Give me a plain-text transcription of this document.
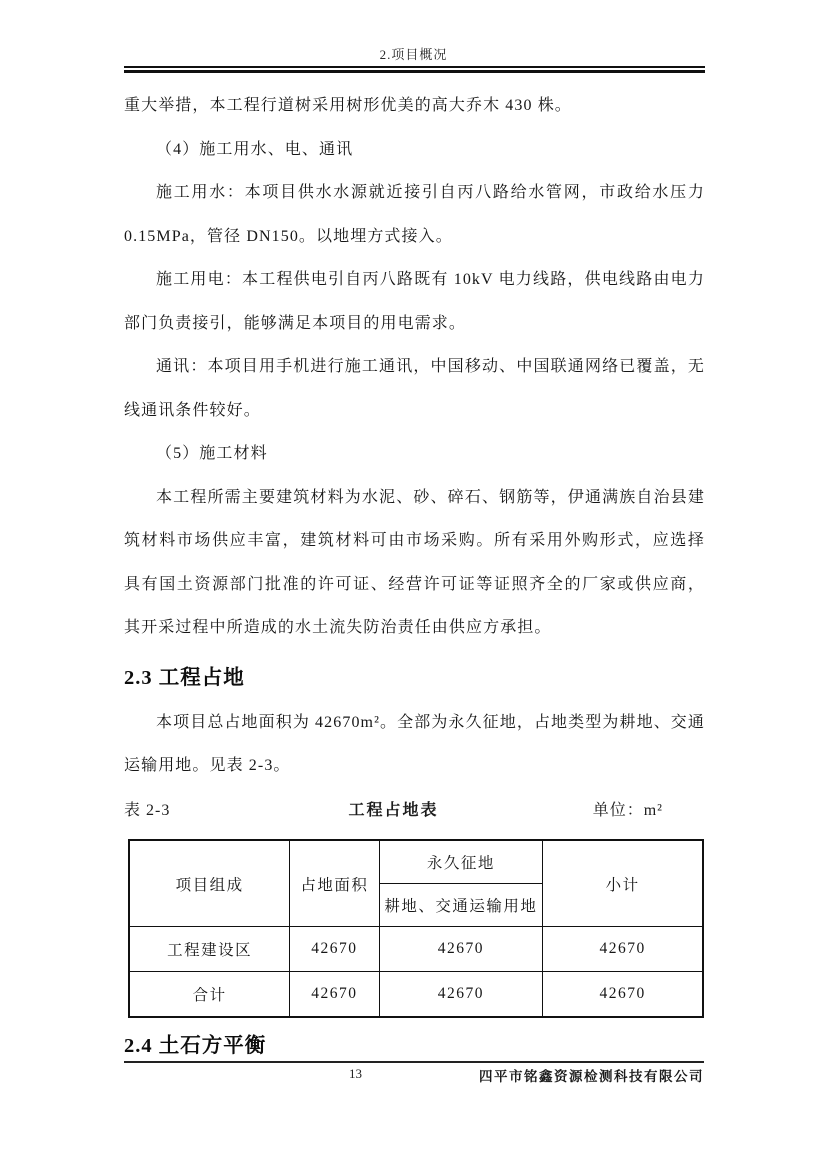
2.项目概况

重大举措，本工程行道树采用树形优美的高大乔木 430 株。

（4）施工用水、电、通讯

施工用水：本项目供水水源就近接引自丙八路给水管网，市政给水压力0.15MPa，管径 DN150。以地埋方式接入。

施工用电：本工程供电引自丙八路既有 10kV 电力线路，供电线路由电力部门负责接引，能够满足本项目的用电需求。

通讯：本项目用手机进行施工通讯，中国移动、中国联通网络已覆盖，无线通讯条件较好。

（5）施工材料

本工程所需主要建筑材料为水泥、砂、碎石、钢筋等，伊通满族自治县建筑材料市场供应丰富，建筑材料可由市场采购。所有采用外购形式，应选择具有国土资源部门批准的许可证、经营许可证等证照齐全的厂家或供应商，其开采过程中所造成的水土流失防治责任由供应方承担。

2.3 工程占地

本项目总占地面积为 42670m²。全部为永久征地，占地类型为耕地、交通运输用地。见表 2-3。

表 2-3	工程占地表	单位：m²
项目组成	占地面积	永久征地	小计
		耕地、交通运输用地	
工程建设区	42670	42670	42670
合计	42670	42670	42670
2.4 土石方平衡
13	四平市铭鑫资源检测科技有限公司
